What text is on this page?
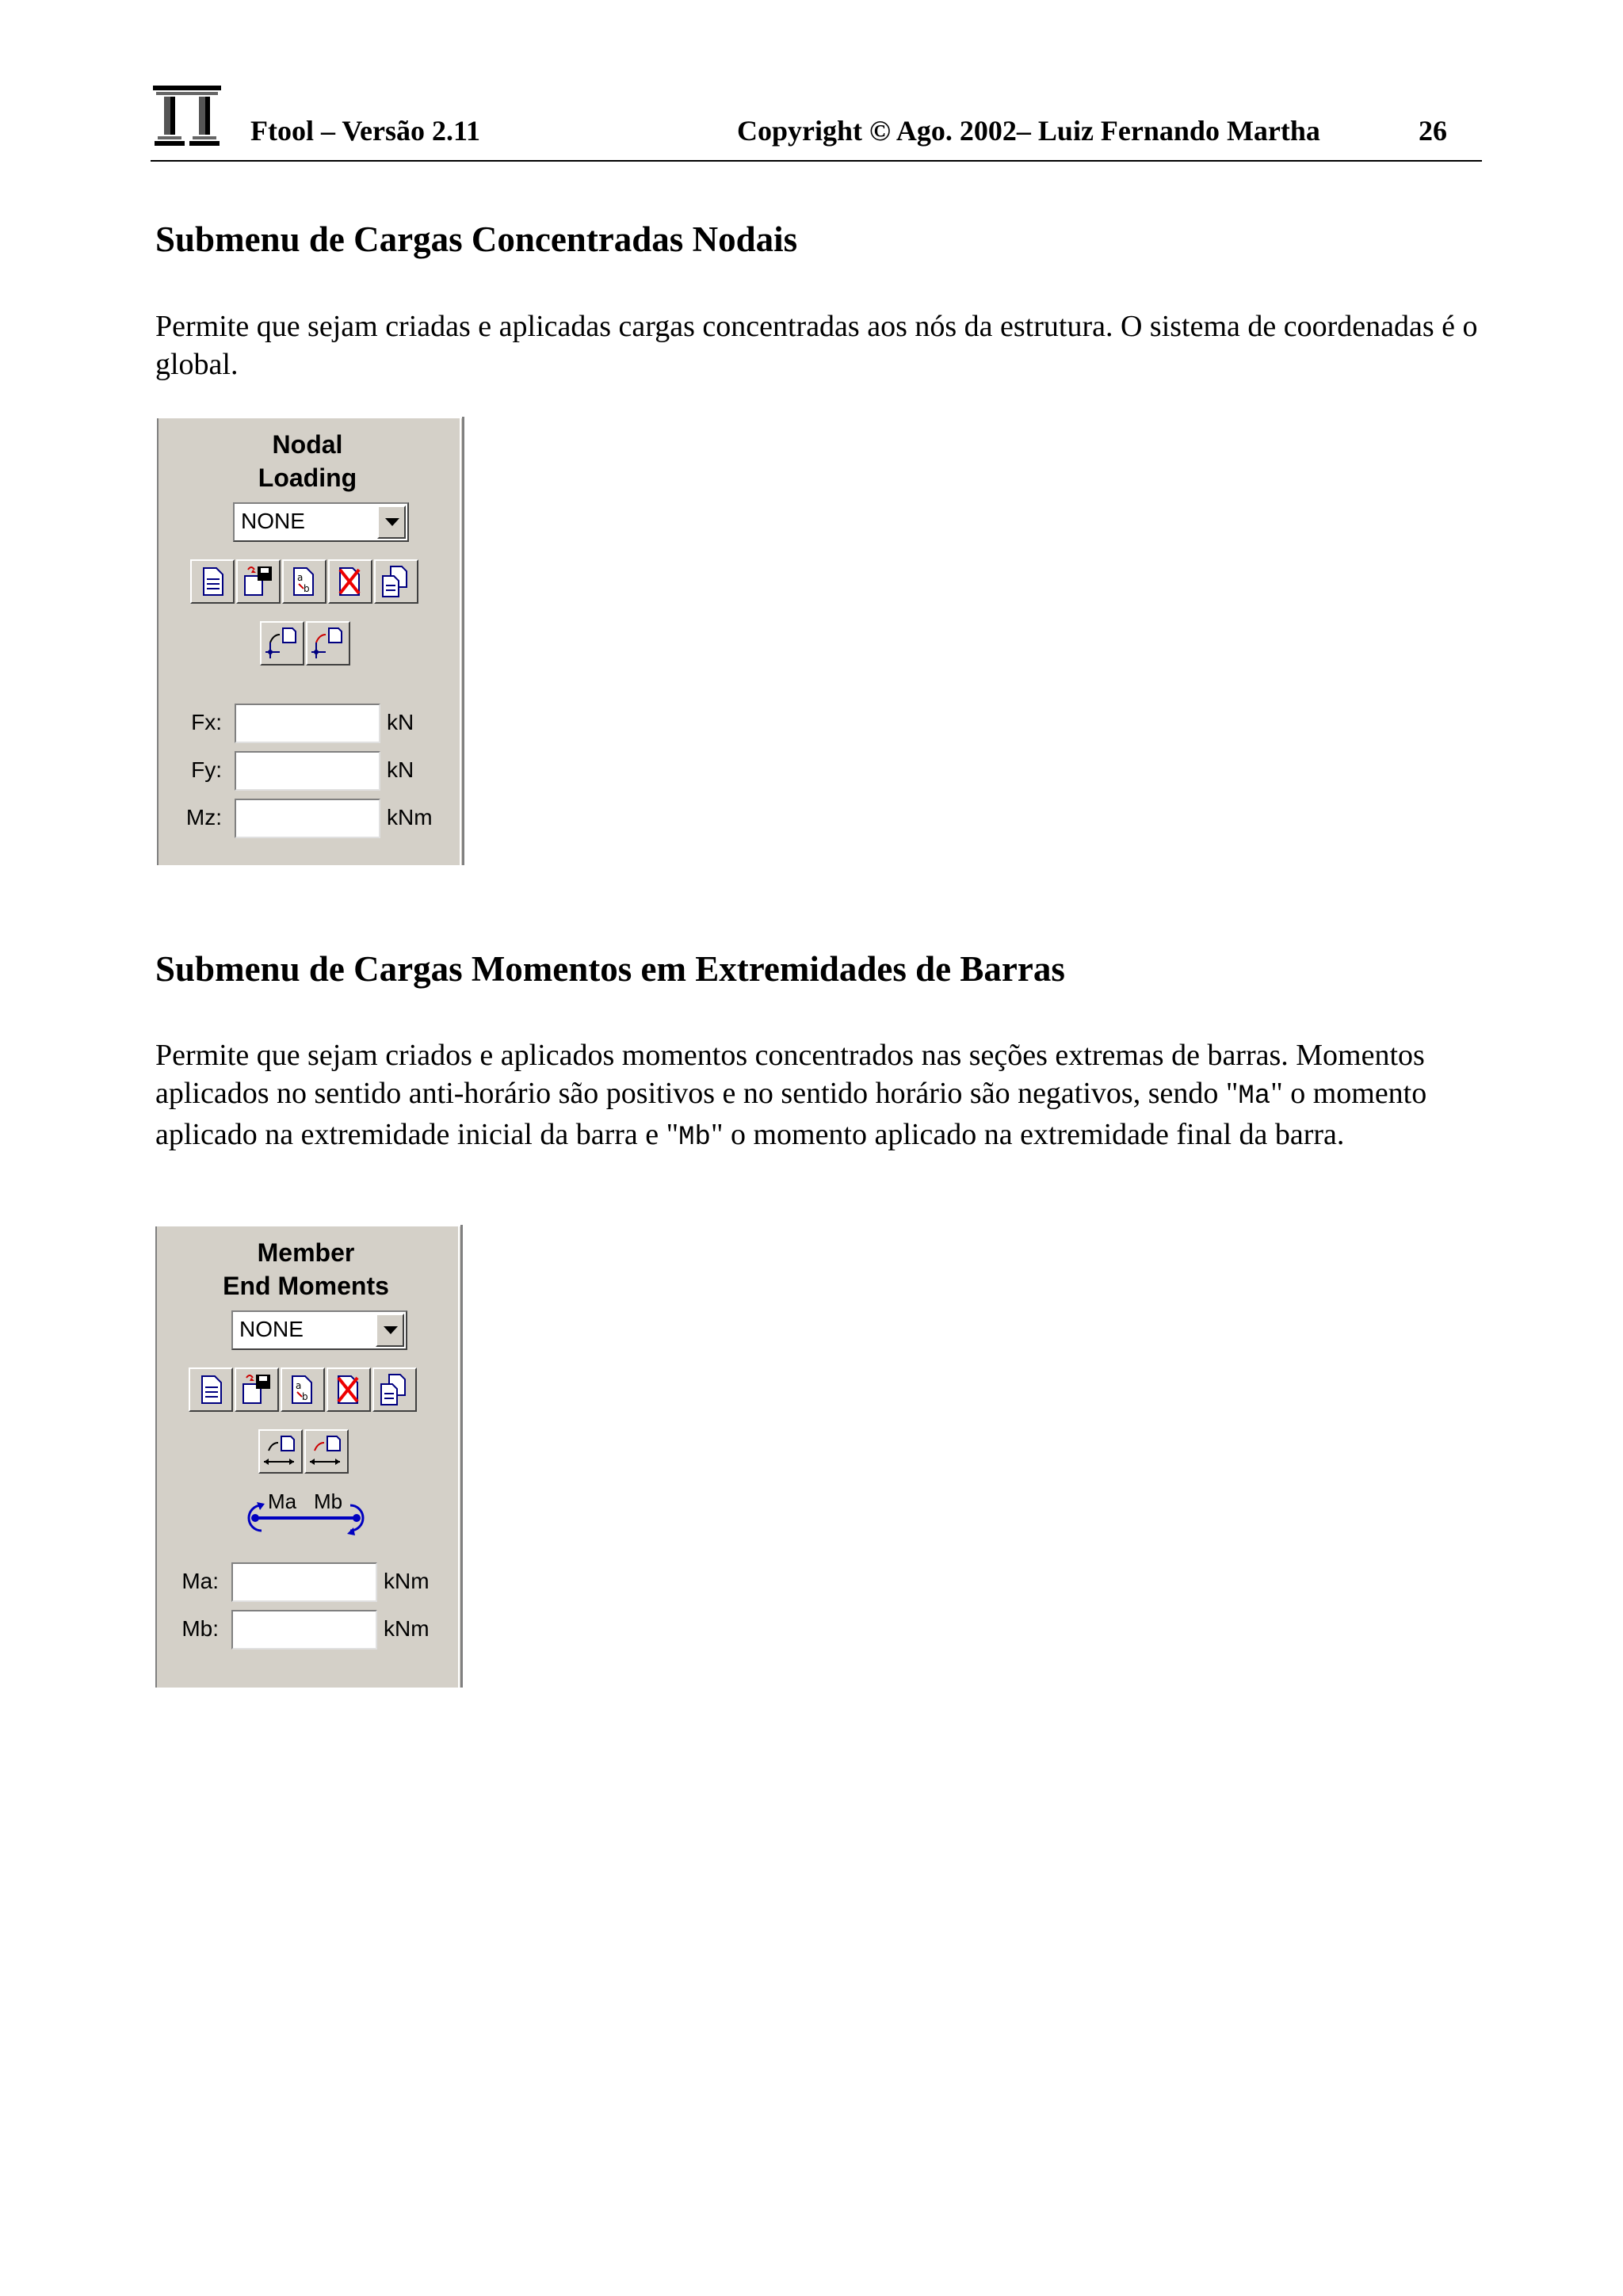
Ftool – Versão 2.11	Copyright © Ago. 2002– Luiz Fernando Martha	26
Submenu de Cargas Concentradas Nodais

Permite que sejam criadas e aplicadas cargas concentradas aos nós da estrutura. O sistema de coordenadas é o global.

Nodal
Loading
NONE
a
b
Fx:	kN
Fy:	kN
Mz:	kNm
Submenu de Cargas Momentos em Extremidades de Barras

Permite que sejam criados e aplicados momentos concentrados nas seções extremas de barras. Momentos aplicados no sentido anti-horário são positivos e no sentido horário são negativos, sendo "Ma" o momento aplicado na extremidade inicial da barra e "Mb" o momento aplicado na extremidade final da barra.

Member
End Moments
NONE
a
b
Ma Mb
Ma:	kNm
Mb:	kNm
